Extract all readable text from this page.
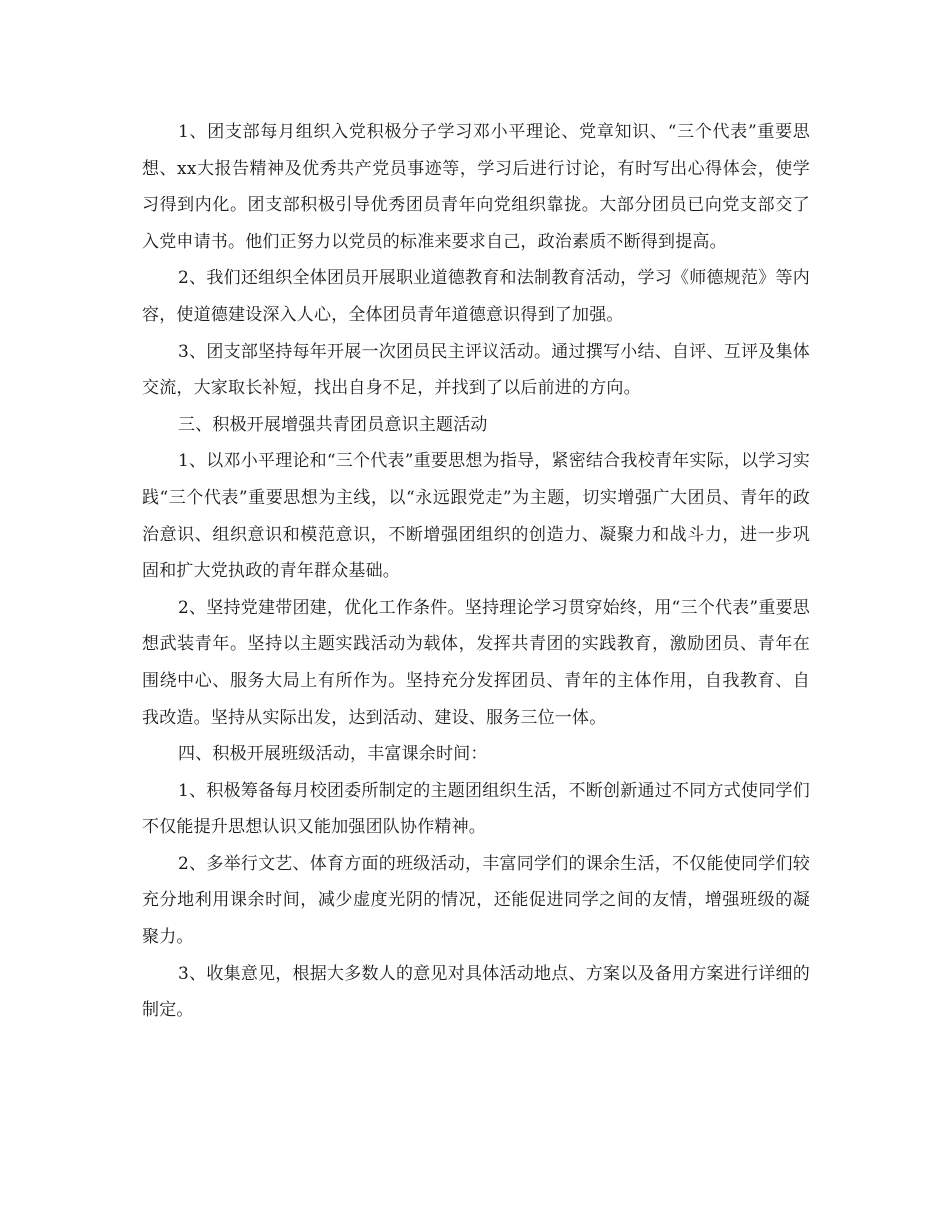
1、团支部每月组织入党积极分子学习邓小平理论、党章知识、“三个代表”重要思想、xx大报告精神及优秀共产党员事迹等，学习后进行讨论，有时写出心得体会，使学习得到内化。团支部积极引导优秀团员青年向党组织靠拢。大部分团员已向党支部交了入党申请书。他们正努力以党员的标准来要求自己，政治素质不断得到提高。

2、我们还组织全体团员开展职业道德教育和法制教育活动，学习《师德规范》等内容，使道德建设深入人心，全体团员青年道德意识得到了加强。

3、团支部坚持每年开展一次团员民主评议活动。通过撰写小结、自评、互评及集体交流，大家取长补短，找出自身不足，并找到了以后前进的方向。

三、积极开展增强共青团员意识主题活动

1、以邓小平理论和“三个代表”重要思想为指导，紧密结合我校青年实际，以学习实践“三个代表”重要思想为主线，以“永远跟党走”为主题，切实增强广大团员、青年的政治意识、组织意识和模范意识，不断增强团组织的创造力、凝聚力和战斗力，进一步巩固和扩大党执政的青年群众基础。

2、坚持党建带团建，优化工作条件。坚持理论学习贯穿始终，用“三个代表”重要思想武装青年。坚持以主题实践活动为载体，发挥共青团的实践教育，激励团员、青年在围绕中心、服务大局上有所作为。坚持充分发挥团员、青年的主体作用，自我教育、自我改造。坚持从实际出发，达到活动、建设、服务三位一体。

四、积极开展班级活动，丰富课余时间：

1、积极筹备每月校团委所制定的主题团组织生活，不断创新通过不同方式使同学们不仅能提升思想认识又能加强团队协作精神。

2、多举行文艺、体育方面的班级活动，丰富同学们的课余生活，不仅能使同学们较充分地利用课余时间，减少虚度光阴的情况，还能促进同学之间的友情，增强班级的凝聚力。

3、收集意见，根据大多数人的意见对具体活动地点、方案以及备用方案进行详细的制定。
